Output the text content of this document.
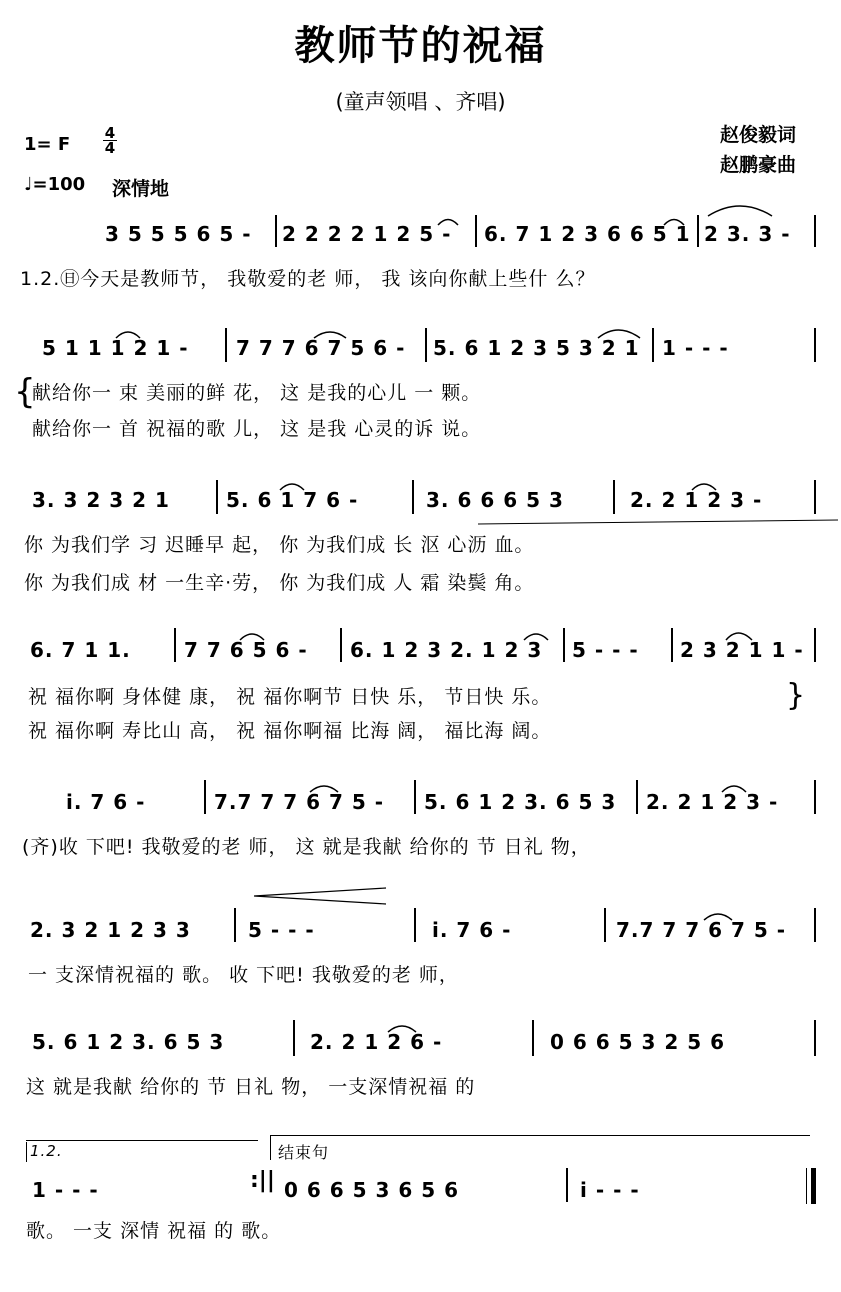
教师节的祝福
(童声领唱 、齐唱)
赵俊毅词
赵鹏豪曲
1= F
4
4
♩=100 深情地
3 5 5 5 6 5 - 2 2 2 2 1 2 5 - 6. 7 1 2 3 6 6 5 1 2 3. 3 -
1.2.㊐今天是教师节， 我敬爱的老 师， 我 该向你献上些什 么？
5 1 1 1 2 1 - 7 7 7 6 7 5 6 - 5. 6 1 2 3 5 3 2 1 1 - - -
{
献给你一 束 美丽的鲜 花， 这 是我的心儿 一 颗。
献给你一 首 祝福的歌 儿， 这 是我 心灵的诉 说。
3. 3 2 3 2 1	5. 6 1 7 6 -	3. 6 6 6 5 3	2. 2 1 2 3 -
你 为我们学 习 迟睡早 起， 你 为我们成 长 沤 心沥 血。
你 为我们成 材 一生辛·劳， 你 为我们成 人 霜 染鬓 角。
6. 7 1 1.	7 7 6 5 6 - 6. 1 2 3 2. 1 2 3 5 - - - 2 3 2 1 1 -
祝 福你啊 身体健 康， 祝 福你啊节 日快 乐， 节日快 乐。
祝 福你啊 寿比山 高， 祝 福你啊福 比海 阔， 福比海 阔。
}
i. 7 6 -	7.7 7 7 6 7 5 - 5. 6 1 2 3. 6 5 3 2. 2 1 2 3 -
(齐)收 下吧! 我敬爱的老 师， 这 就是我献 给你的 节 日礼 物，
2. 3 2 1 2 3 3	5 - - -	i. 7 6 -	7.7 7 7 6 7 5 -
一 支深情祝福的 歌。 收 下吧! 我敬爱的老 师，
5. 6 1 2 3. 6 5 3	2. 2 1 2 6 -	0 6 6 5 3 2 5 6
这 就是我献 给你的 节 日礼 物， 一支深情祝福 的
1.2.	结束句
1 - - -	:|| 0 6 6 5 3 6 5 6	i - - -
歌。 一支 深情 祝福 的 歌。
